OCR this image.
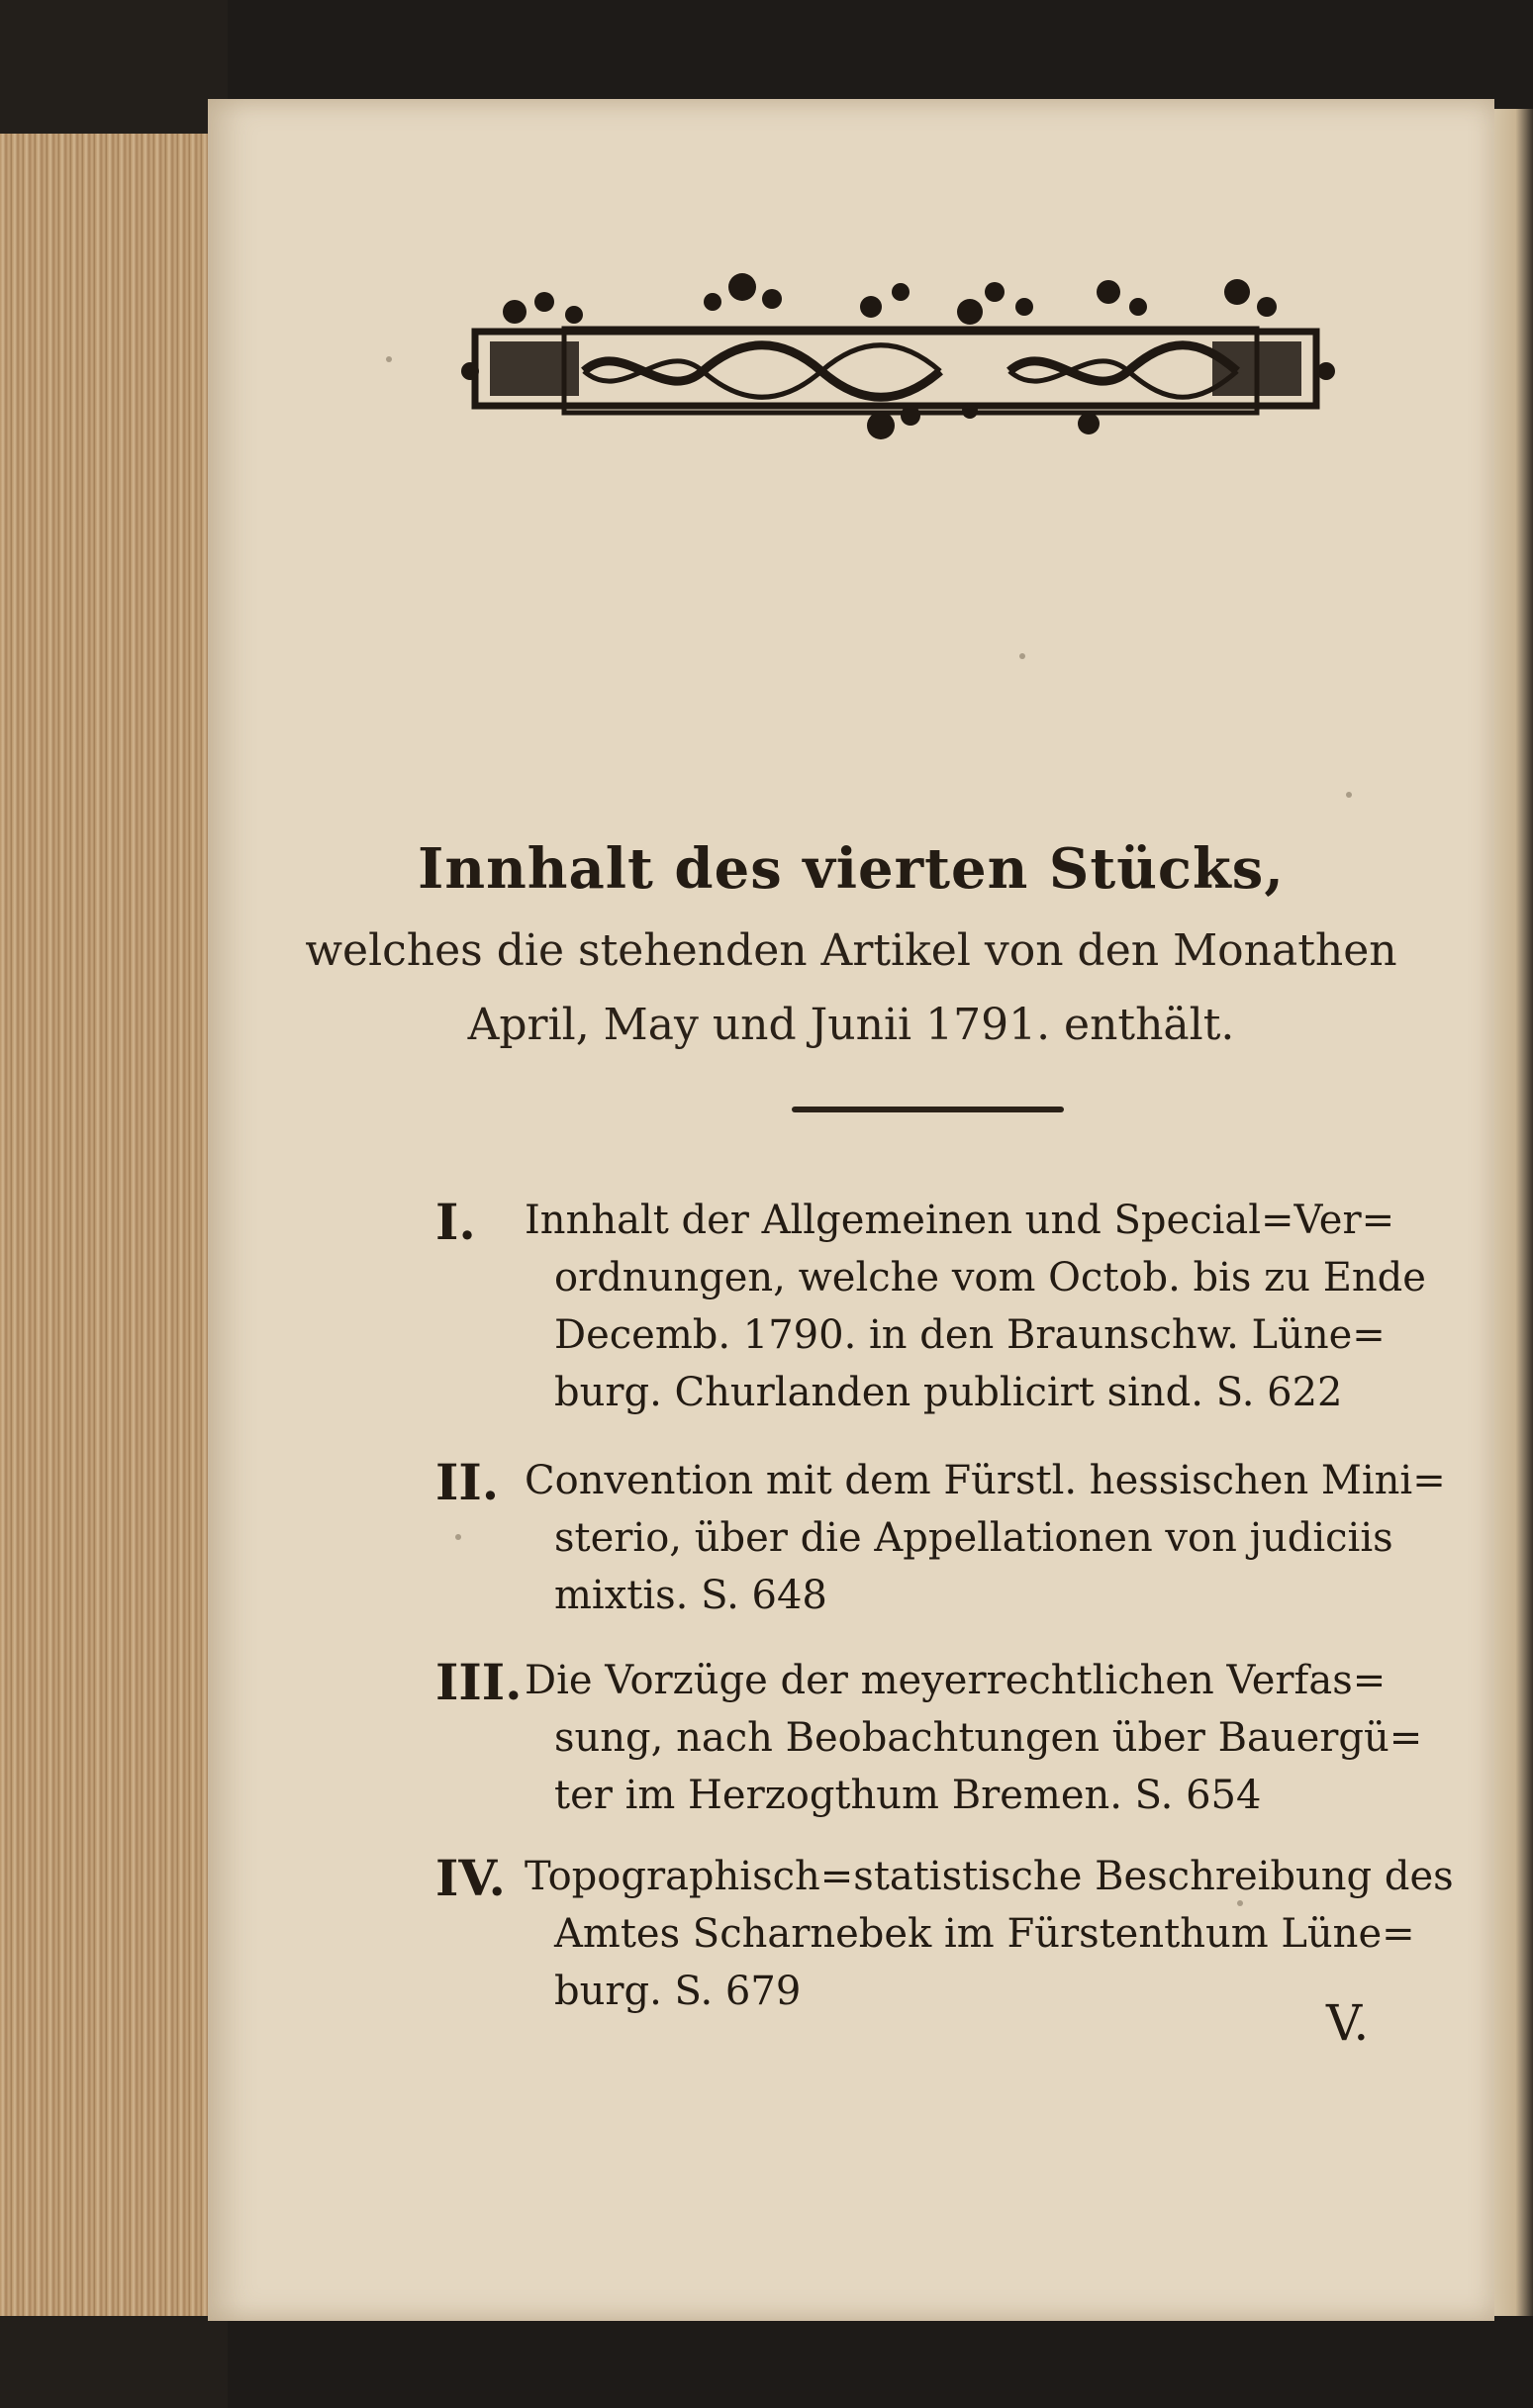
Innhalt des vierten Stücks,
welches die stehenden Artikel von den Monathen
April, May und Junii 1791. enthält.
I. Innhalt der Allgemeinen und Special=Ver=
ordnungen, welche vom Octob. bis zu Ende
Decemb. 1790. in den Braunschw. Lüne=
burg. Churlanden publicirt sind. S. 622
II. Convention mit dem Fürstl. hessischen Mini=
sterio, über die Appellationen von judiciis
mixtis. S. 648
III. Die Vorzüge der meyerrechtlichen Verfas=
sung, nach Beobachtungen über Bauergü=
ter im Herzogthum Bremen. S. 654
IV. Topographisch=statistische Beschreibung des
Amtes Scharnebek im Fürstenthum Lüne=
burg. S. 679
V.
